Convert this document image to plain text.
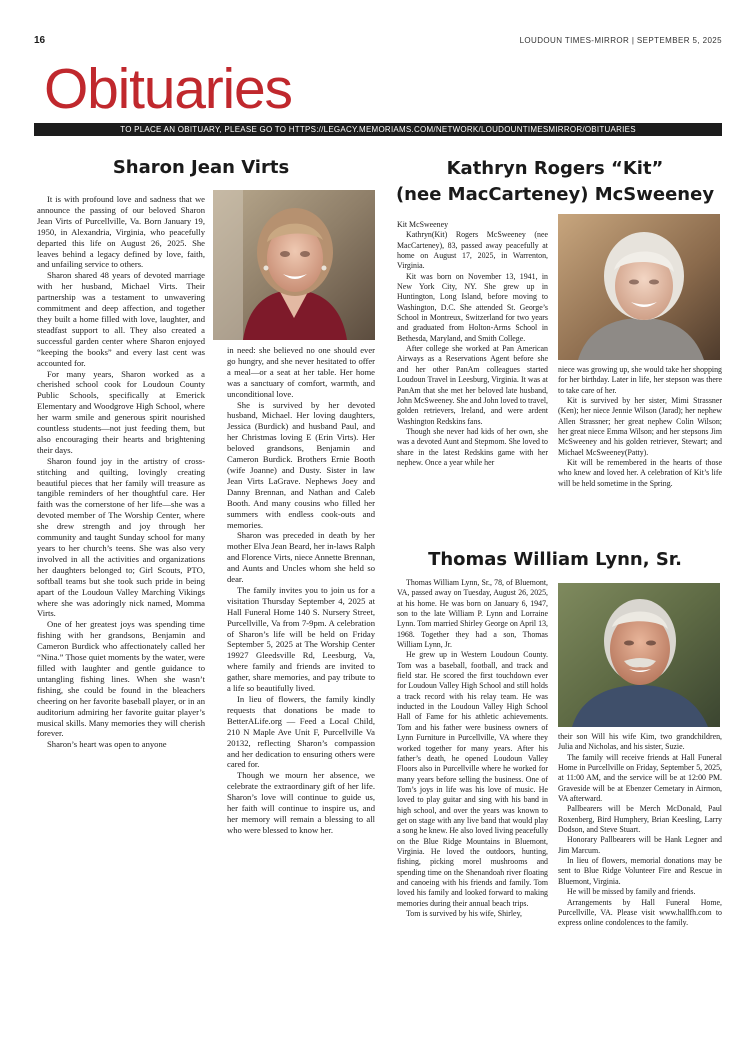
16	LOUDOUN TIMES-MIRROR | SEPTEMBER 5, 2025
Obituaries
TO PLACE AN OBITUARY, PLEASE GO TO HTTPS://LEGACY.MEMORIAMS.COM/NETWORK/LOUDOUNTIMESMIRROR/OBITUARIES
Sharon Jean Virts

It is with profound love and sadness that we announce the passing of our beloved Sharon Jean Virts of Purcellville, Va. Born January 19, 1950, in Alexandria, Virginia, who peacefully departed this life on August 26, 2025. She leaves behind a legacy defined by love, faith, and unfailing service to others.

Sharon shared 48 years of devoted marriage with her husband, Michael Virts. Their partnership was a testament to unwavering commitment and deep affection, and together they built a home filled with love, laughter, and steadfast support to all. They also created a successful garden center where Sharon enjoyed “keeping the books” and every last cent was accounted for.

For many years, Sharon worked as a cherished school cook for Loudoun County Public Schools, specifically at Emerick Elementary and Woodgrove High School, where her warm smile and generous spirit nourished countless students—not just feeding them, but also encouraging their hearts and brightening their days.

Sharon found joy in the artistry of cross-stitching and quilting, lovingly creating beautiful pieces that her family will treasure as tangible reminders of her thoughtful care. Her faith was the cornerstone of her life—she was a devoted member of The Worship Center, where she drew strength and joy through her community and taught Sunday school for many years to her church’s teens. She was also very involved in all the activities and organizations her daughters belonged to; Girl Scouts, PTO, softball teams but she took such pride in being apart of the Loudoun Valley Marching Vikings where she was adoringly nick named, Momma Virts.

One of her greatest joys was spending time fishing with her grandsons, Benjamin and Cameron Burdick who affectionately called her “Nina.” Those quiet moments by the water, were filled with laughter and gentle guidance to untangling fishing lines. When she wasn’t fishing, she could be found in the bleachers cheering on her favorite baseball player, or in an auditorium admiring her favorite guitar player’s musical skills. Many memories they will cherish forever.

Sharon’s heart was open to anyone

in need: she believed no one should ever go hungry, and she never hesitated to offer a meal—or a seat at her table. Her home was a sanctuary of comfort, warmth, and unconditional love.

She is survived by her devoted husband, Michael. Her loving daughters, Jessica (Burdick) and husband Paul, and her Christmas loving E (Erin Virts). Her beloved grandsons, Benjamin and Cameron Burdick. Brothers Ernie Booth (wife Joanne) and Dusty. Sister in law Jean Virts LaGrave. Nephews Joey and Danny Brennan, and Nathan and Caleb Booth. And many cousins who filled her summers with endless cook-outs and memories.

Sharon was preceded in death by her mother Elva Jean Beard, her in-laws Ralph and Florence Virts, niece Annette Brennan, and Aunts and Uncles whom she held so dear.

The family invites you to join us for a visitation Thursday September 4, 2025 at Hall Funeral Home 140 S. Nursery Street, Purcellville, Va from 7-9pm. A celebration of Sharon’s life will be held on Friday September 5, 2025 at The Worship Center 19927 Gleedsville Rd, Leesburg, Va, where family and friends are invited to gather, share memories, and pay tribute to a life so beautifully lived.

In lieu of flowers, the family kindly requests that donations be made to BetterALife.org — Feed a Local Child, 210 N Maple Ave Unit F, Purcellville Va 20132, reflecting Sharon’s compassion and her dedication to ensuring others were cared for.

Though we mourn her absence, we celebrate the extraordinary gift of her life. Sharon’s love will continue to guide us, her faith will continue to inspire us, and her memory will remain a blessing to all who were blessed to know her.

Kathryn Rogers “Kit”
(nee MacCarteney) McSweeney

Kit McSweeney

Kathryn(Kit) Rogers McSweeney (nee MacCarteney), 83, passed away peacefully at home on August 17, 2025, in Warrenton, Virginia.

Kit was born on November 13, 1941, in New York City, NY. She grew up in Huntington, Long Island, before moving to Washington, D.C. She attended St. George’s School in Montreux, Switzerland for two years and graduated from Holton-Arms School in Bethesda, Maryland, and Smith College.

After college she worked at Pan American Airways as a Reservations Agent before she and her other PanAm colleagues started Loudoun Travel in Leesburg, Virginia. It was at PanAm that she met her beloved late husband, John McSweeney. She and John loved to travel, golden retrievers, Ireland, and were ardent Washington Redskins fans.

Though she never had kids of her own, she was a devoted Aunt and Stepmom. She loved to share in the latest Redskins game with her nephew. Once a year while her

niece was growing up, she would take her shopping for her birthday. Later in life, her stepson was there to take care of her.

Kit is survived by her sister, Mimi Strassner (Ken); her niece Jennie Wilson (Jarad); her nephew Allen Strassner; her great nephew Colin Wilson; her great niece Emma Wilson; and her stepsons Jim McSweeney and his golden retriever, Stewart; and Michael McSweeney(Patty).

Kit will be remembered in the hearts of those who knew and loved her. A celebration of Kit’s life will be held sometime in the Spring.

Thomas William Lynn, Sr.

Thomas William Lynn, Sr., 78, of Bluemont, VA, passed away on Tuesday, August 26, 2025, at his home. He was born on January 6, 1947, son to the late William P. Lynn and Lorraine Lynn. Tom married Shirley George on April 13, 1968. Together they had a son, Thomas William Lynn, Jr.

He grew up in Western Loudoun County. Tom was a baseball, football, and track and field star. He scored the first touchdown ever for Loudoun Valley High School and still holds a track record with his relay team. He was inducted in the Loudoun Valley High School Hall of Fame for his athletic achievements. Tom and his father were business owners of Lynn Furniture in Purcellville, VA where they worked together for many years. After his father’s death, he opened Loudoun Valley Floors also in Purcellville where he worked for many years before selling the business. One of Tom’s joys in life was his love of music. He loved to play guitar and sing with his band in high school, and over the years was known to get on stage with any live band that would play a song he knew. He also loved living peacefully on the Blue Ridge Mountains in Bluemont, Virginia. He loved the outdoors, hunting, fishing, picking morel mushrooms and spending time on the Shenandoah river floating and canoeing with his friends and family. Tom loved his family and looked forward to making memories during their annual beach trips.

Tom is survived by his wife, Shirley,

their son Will his wife Kim, two grandchildren, Julia and Nicholas, and his sister, Suzie.

The family will receive friends at Hall Funeral Home in Purcellville on Friday, September 5, 2025, at 11:00 AM, and the service will be at 12:00 PM. Graveside will be at Ebenzer Cemetary in Airmon, VA afterward.

Pallbearers will be Merch McDonald, Paul Roxenberg, Bird Humphery, Brian Keesling, Larry Dodson, and Steve Stuart.

Honorary Pallbearers will be Hank Legner and Jim Marcum.

In lieu of flowers, memorial donations may be sent to Blue Ridge Volunteer Fire and Rescue in Bluemont, Virginia.

He will be missed by family and friends.

Arrangements by Hall Funeral Home, Purcellville, VA. Please visit www.hallfh.com to express online condolences to the family.
